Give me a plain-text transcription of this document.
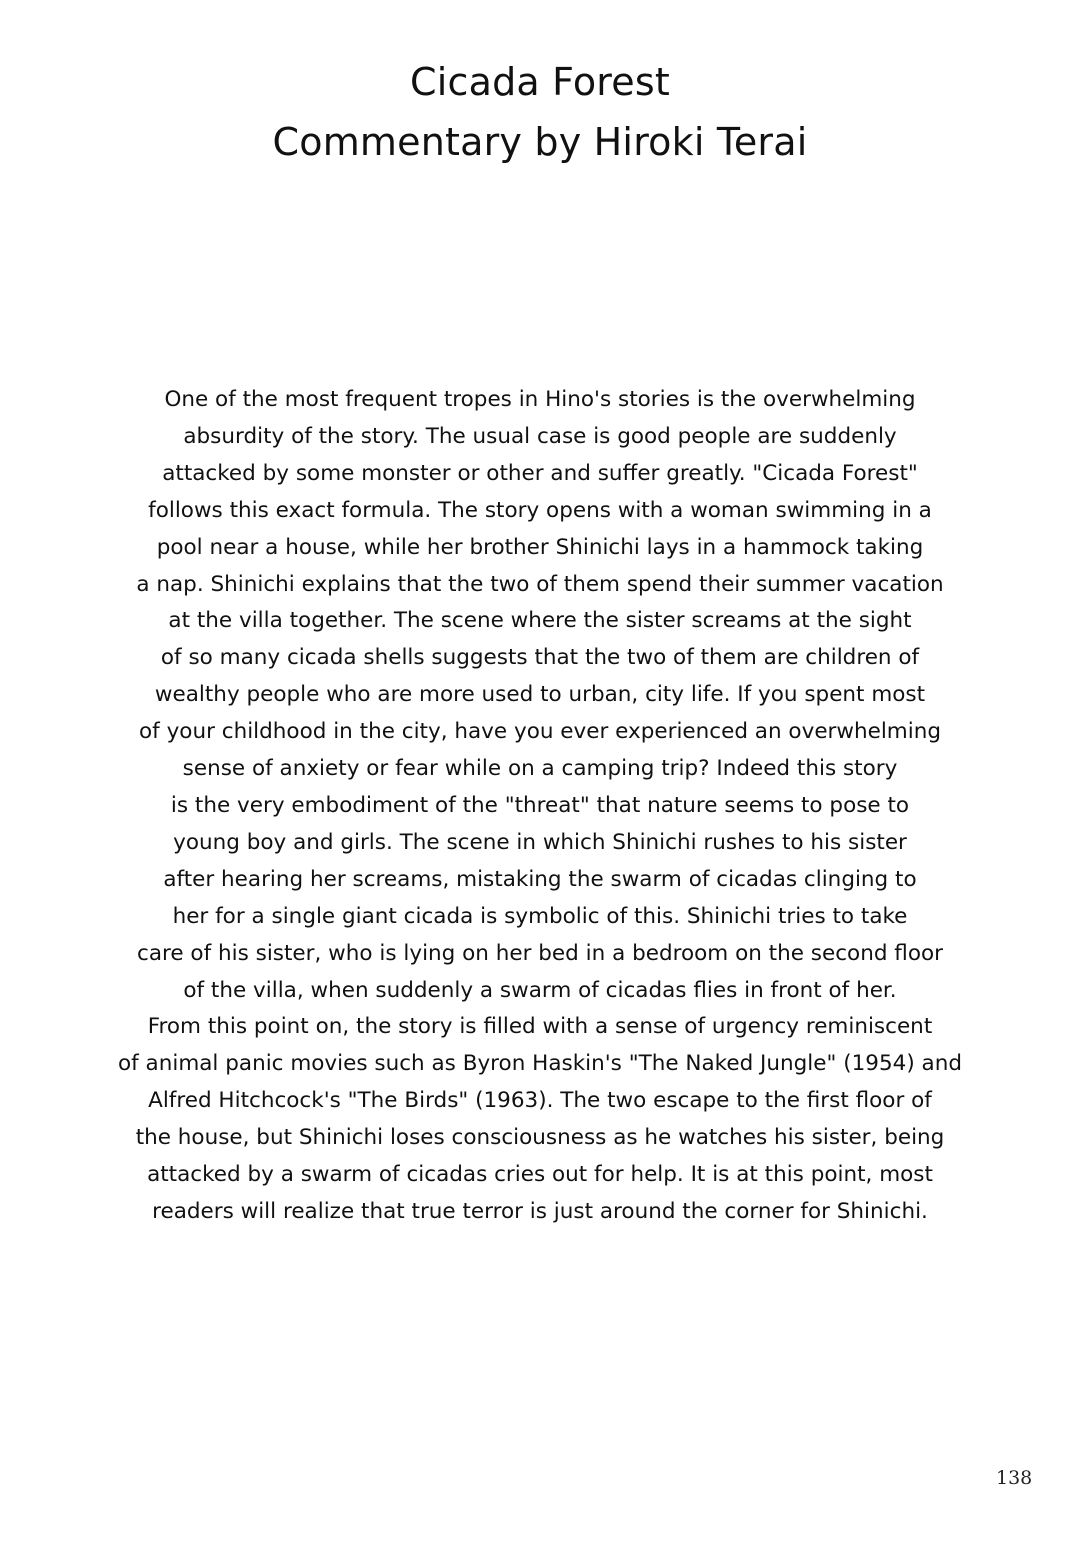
Cicada Forest
Commentary by Hiroki Terai
One of the most frequent tropes in Hino's stories is the overwhelming
absurdity of the story. The usual case is good people are suddenly
attacked by some monster or other and suffer greatly. "Cicada Forest"
follows this exact formula. The story opens with a woman swimming in a
pool near a house, while her brother Shinichi lays in a hammock taking
a nap. Shinichi explains that the two of them spend their summer vacation
at the villa together. The scene where the sister screams at the sight
of so many cicada shells suggests that the two of them are children of
wealthy people who are more used to urban, city life. If you spent most
of your childhood in the city, have you ever experienced an overwhelming
sense of anxiety or fear while on a camping trip? Indeed this story
is the very embodiment of the "threat" that nature seems to pose to
young boy and girls. The scene in which Shinichi rushes to his sister
after hearing her screams, mistaking the swarm of cicadas clinging to
her for a single giant cicada is symbolic of this. Shinichi tries to take
care of his sister, who is lying on her bed in a bedroom on the second floor
of the villa, when suddenly a swarm of cicadas flies in front of her.
From this point on, the story is filled with a sense of urgency reminiscent
of animal panic movies such as Byron Haskin's "The Naked Jungle" (1954) and
Alfred Hitchcock's "The Birds" (1963). The two escape to the first floor of
the house, but Shinichi loses consciousness as he watches his sister, being
attacked by a swarm of cicadas cries out for help. It is at this point, most
readers will realize that true terror is just around the corner for Shinichi.
138
